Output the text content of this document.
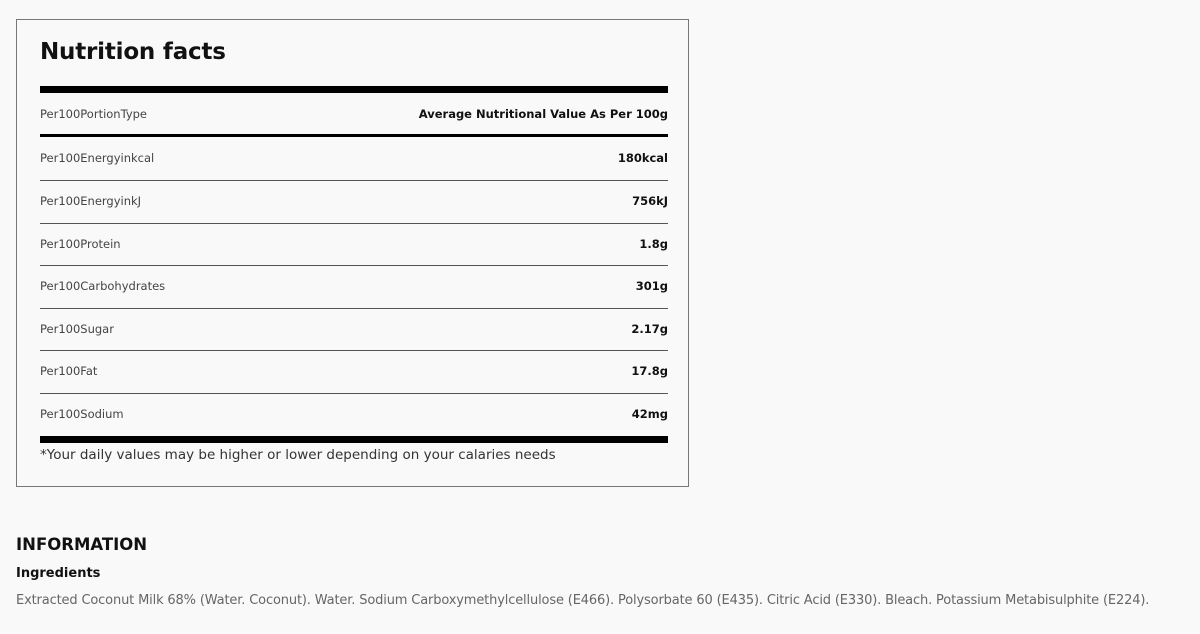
Nutrition facts
Per100PortionType	Average Nutritional Value As Per 100g
Per100Energyinkcal	180kcal
Per100EnergyinkJ	756kJ
Per100Protein	1.8g
Per100Carbohydrates	301g
Per100Sugar	2.17g
Per100Fat	17.8g
Per100Sodium	42mg
*Your daily values may be higher or lower depending on your calaries needs
INFORMATION
Ingredients
Extracted Coconut Milk 68% (Water. Coconut). Water. Sodium Carboxymethylcellulose (E466). Polysorbate 60 (E435). Citric Acid (E330). Bleach. Potassium Metabisulphite (E224).
